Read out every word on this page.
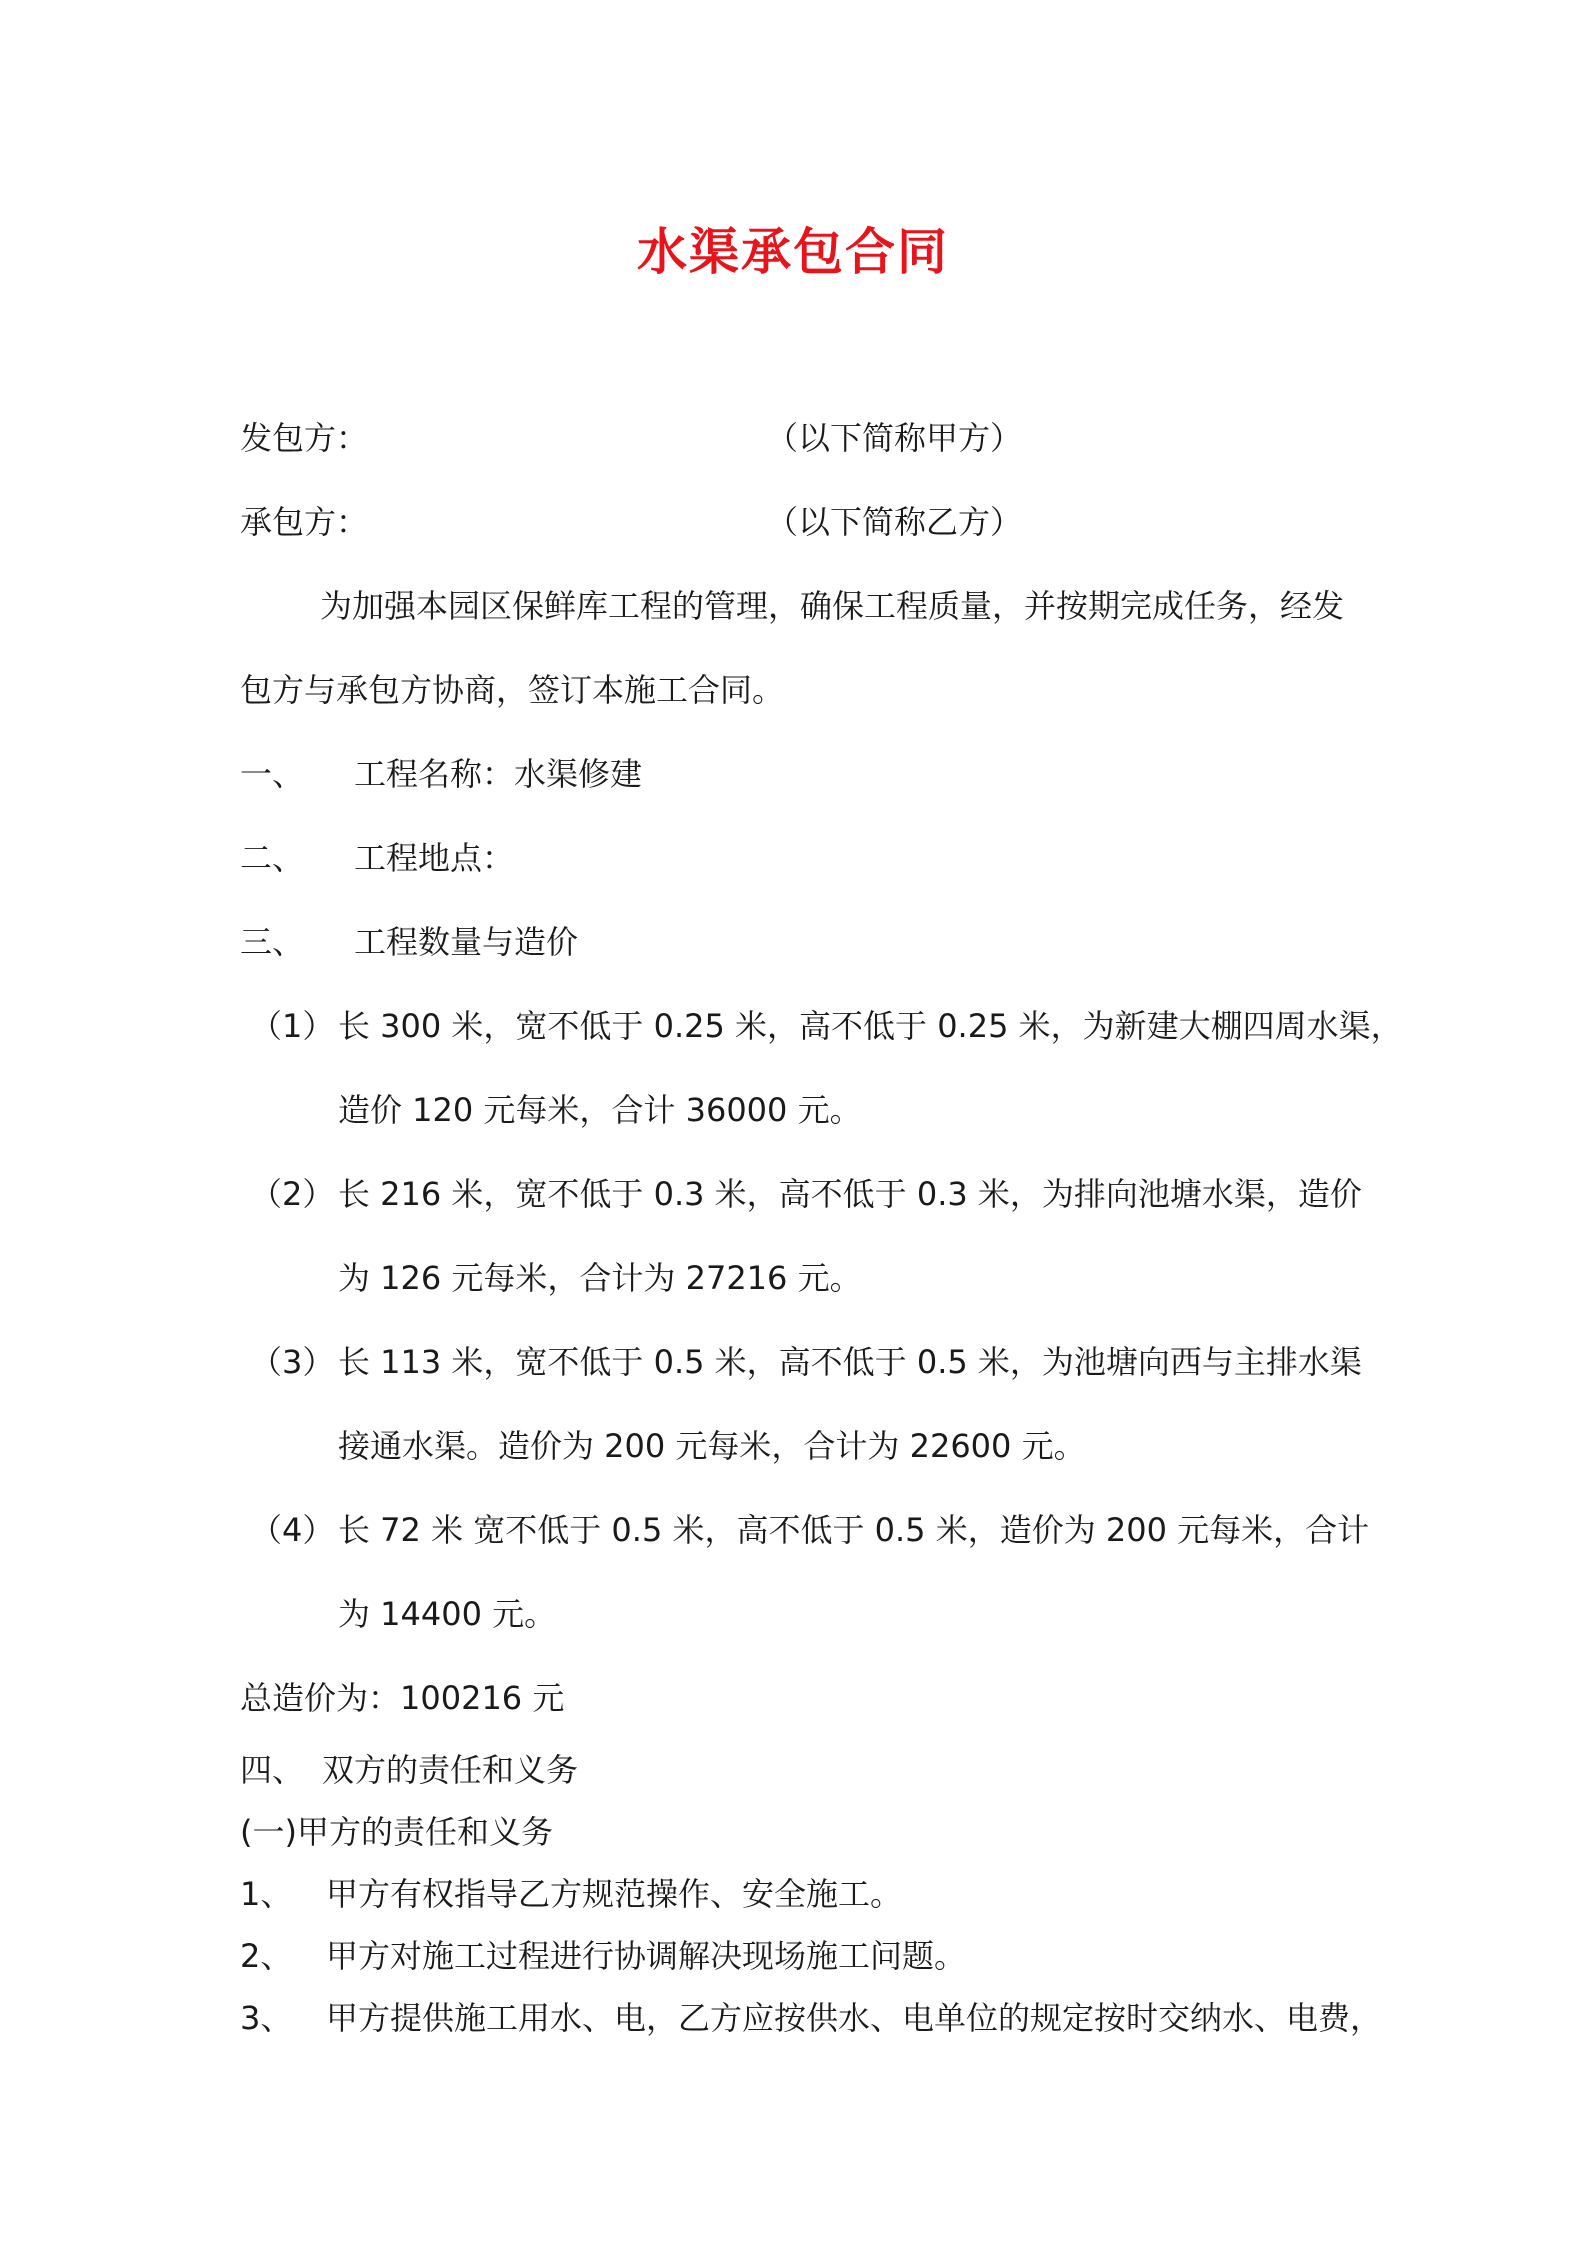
水渠承包合同
发包方：	（以下简称甲方）
承包方：	（以下简称乙方）
为加强本园区保鲜库工程的管理，确保工程质量，并按期完成任务，经发
包方与承包方协商，签订本施工合同。
一、 工程名称：水渠修建
二、 工程地点：
三、 工程数量与造价
（1） 长 300 米，宽不低于 0.25 米，高不低于 0.25 米，为新建大棚四周水渠，
造价 120 元每米，合计 36000 元。
（2） 长 216 米，宽不低于 0.3 米，高不低于 0.3 米，为排向池塘水渠，造价
为 126 元每米，合计为 27216 元。
（3） 长 113 米，宽不低于 0.5 米，高不低于 0.5 米，为池塘向西与主排水渠
接通水渠。造价为 200 元每米，合计为 22600 元。
（4） 长 72 米 宽不低于 0.5 米，高不低于 0.5 米，造价为 200 元每米，合计
为 14400 元。
总造价为：100216 元
四、 双方的责任和义务
(一)甲方的责任和义务
1、 甲方有权指导乙方规范操作、安全施工。
2、 甲方对施工过程进行协调解决现场施工问题。
3、 甲方提供施工用水、电，乙方应按供水、电单位的规定按时交纳水、电费，
